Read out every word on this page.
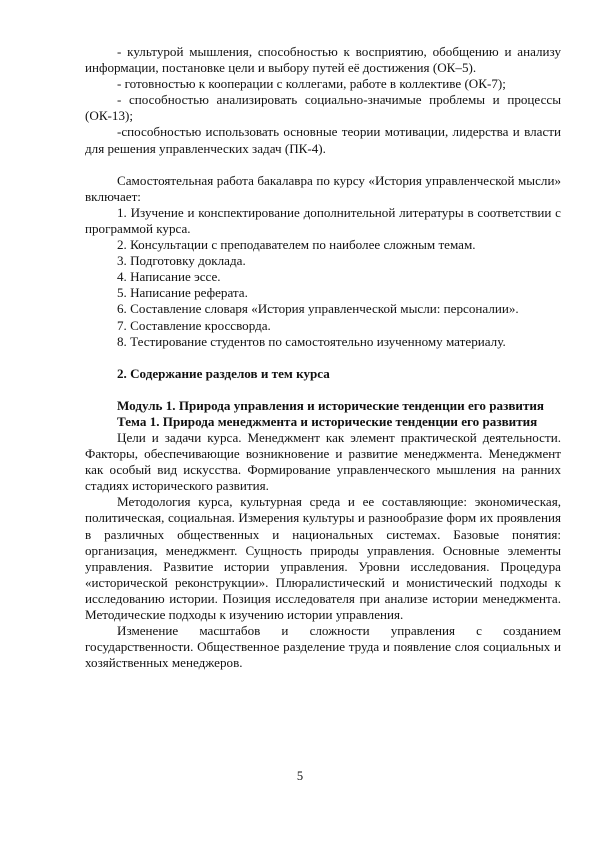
- культурой мышления, способностью к восприятию, обобщению и анализу информации, постановке цели и выбору путей её достижения (ОК–5).

- готовностью к кооперации с коллегами, работе в коллективе (ОК-7);

- способностью анализировать социально-значимые проблемы и процессы (ОК-13);

-способностью использовать основные теории мотивации, лидерства и власти для решения управленческих задач (ПК-4).

Самостоятельная работа бакалавра по курсу «История управленческой мысли» включает:

1. Изучение и конспектирование дополнительной литературы в соответствии с программой курса.
2. Консультации с преподавателем по наиболее сложным темам.
3. Подготовку доклада.
4. Написание эссе.
5. Написание реферата.
6. Составление словаря «История управленческой мысли: персоналии».
7. Составление кроссворда.
8. Тестирование студентов по самостоятельно изученному материалу.

2. Содержание разделов и тем курса

Модуль 1. Природа управления и исторические тенденции его развития

Тема 1. Природа менеджмента и исторические тенденции его развития

Цели и задачи курса. Менеджмент как элемент практической деятельности. Факторы, обеспечивающие возникновение и развитие менеджмента. Менеджмент как особый вид искусства. Формирование управленческого мышления на ранних стадиях исторического развития.

Методология курса, культурная среда и ее составляющие: экономическая, политическая, социальная. Измерения культуры и разнообразие форм их проявления в различных общественных и национальных системах. Базовые понятия: организация, менеджмент. Сущность природы управления. Основные элементы управления. Развитие истории управления. Уровни исследования. Процедура «исторической реконструкции». Плюралистический и монистический подходы к исследованию истории. Позиция исследователя при анализе истории менеджмента. Методические подходы к изучению истории управления.

Изменение масштабов и сложности управления с созданием государственности. Общественное разделение труда и появление слоя социальных и хозяйственных менеджеров.

5
